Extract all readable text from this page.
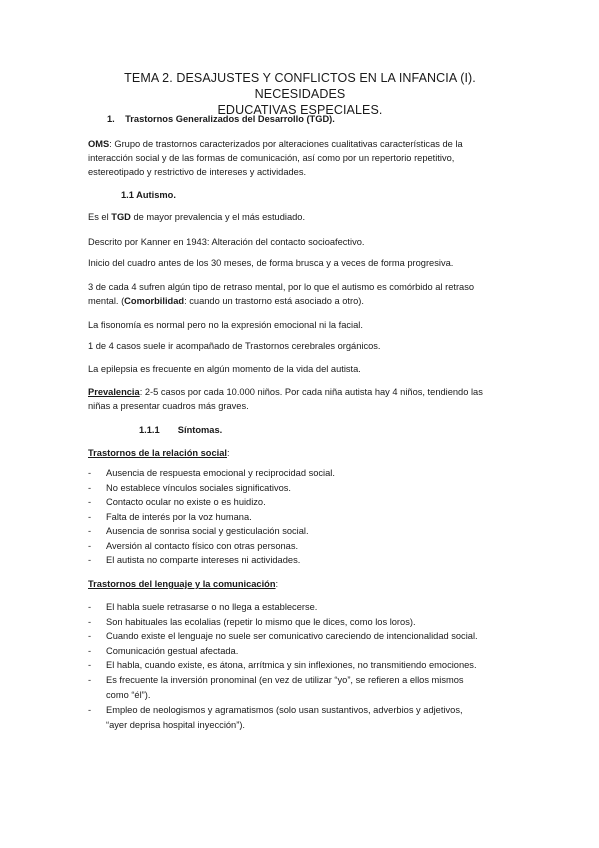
TEMA 2. DESAJUSTES Y CONFLICTOS EN LA INFANCIA (I). NECESIDADES
EDUCATIVAS ESPECIALES.
1. Trastornos Generalizados del Desarrollo (TGD).
OMS: Grupo de trastornos caracterizados por alteraciones cualitativas características de la
interacción social y de las formas de comunicación, así como por un repertorio repetitivo,
estereotipado y restrictivo de intereses y actividades.
1.1 Autismo.
Es el TGD de mayor prevalencia y el más estudiado.
Descrito por Kanner en 1943: Alteración del contacto socioafectivo.
Inicio del cuadro antes de los 30 meses, de forma brusca y a veces de forma progresiva.
3 de cada 4 sufren algún tipo de retraso mental, por lo que el autismo es comórbido al retraso
mental. (Comorbilidad: cuando un trastorno está asociado a otro).
La fisonomía es normal pero no la expresión emocional ni la facial.
1 de 4 casos suele ir acompañado de Trastornos cerebrales orgánicos.
La epilepsia es frecuente en algún momento de la vida del autista.
Prevalencia: 2-5 casos por cada 10.000 niños. Por cada niña autista hay 4 niños, tendiendo las
niñas a presentar cuadros más graves.
1.1.1 Síntomas.
Trastornos de la relación social:
- Ausencia de respuesta emocional y reciprocidad social.
- No establece vínculos sociales significativos.
- Contacto ocular no existe o es huidizo.
- Falta de interés por la voz humana.
- Ausencia de sonrisa social y gesticulación social.
- Aversión al contacto físico con otras personas.
- El autista no comparte intereses ni actividades.
Trastornos del lenguaje y la comunicación:
- El habla suele retrasarse o no llega a establecerse.
- Son habituales las ecolalias (repetir lo mismo que le dices, como los loros).
- Cuando existe el lenguaje no suele ser comunicativo careciendo de intencionalidad social.
- Comunicación gestual afectada.
- El habla, cuando existe, es átona, arrítmica y sin inflexiones, no transmitiendo emociones.
- Es frecuente la inversión pronominal (en vez de utilizar “yo”, se refieren a ellos mismos
como “él”).
- Empleo de neologismos y agramatismos (solo usan sustantivos, adverbios y adjetivos,
“ayer deprisa hospital inyección”).
